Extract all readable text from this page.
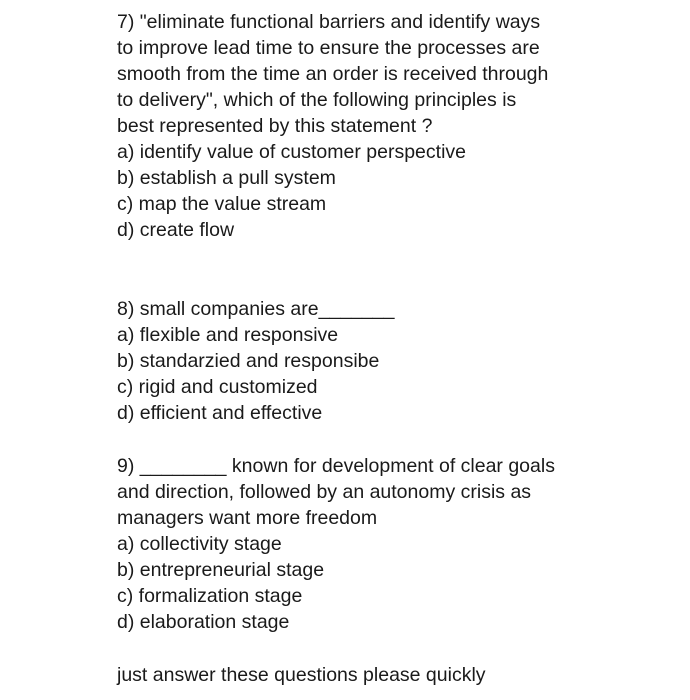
7) "eliminate functional barriers and identify ways
to improve lead time to ensure the processes are
smooth from the time an order is received through
to delivery", which of the following principles is
best represented by this statement ?
a) identify value of customer perspective
b) establish a pull system
c) map the value stream
d) create flow
8) small companies are_______
a) flexible and responsive
b) standarzied and responsibe
c) rigid and customized
d) efficient and effective
9) ________ known for development of clear goals
and direction, followed by an autonomy crisis as
managers want more freedom
a) collectivity stage
b) entrepreneurial stage
c) formalization stage
d) elaboration stage
just answer these questions please quickly
